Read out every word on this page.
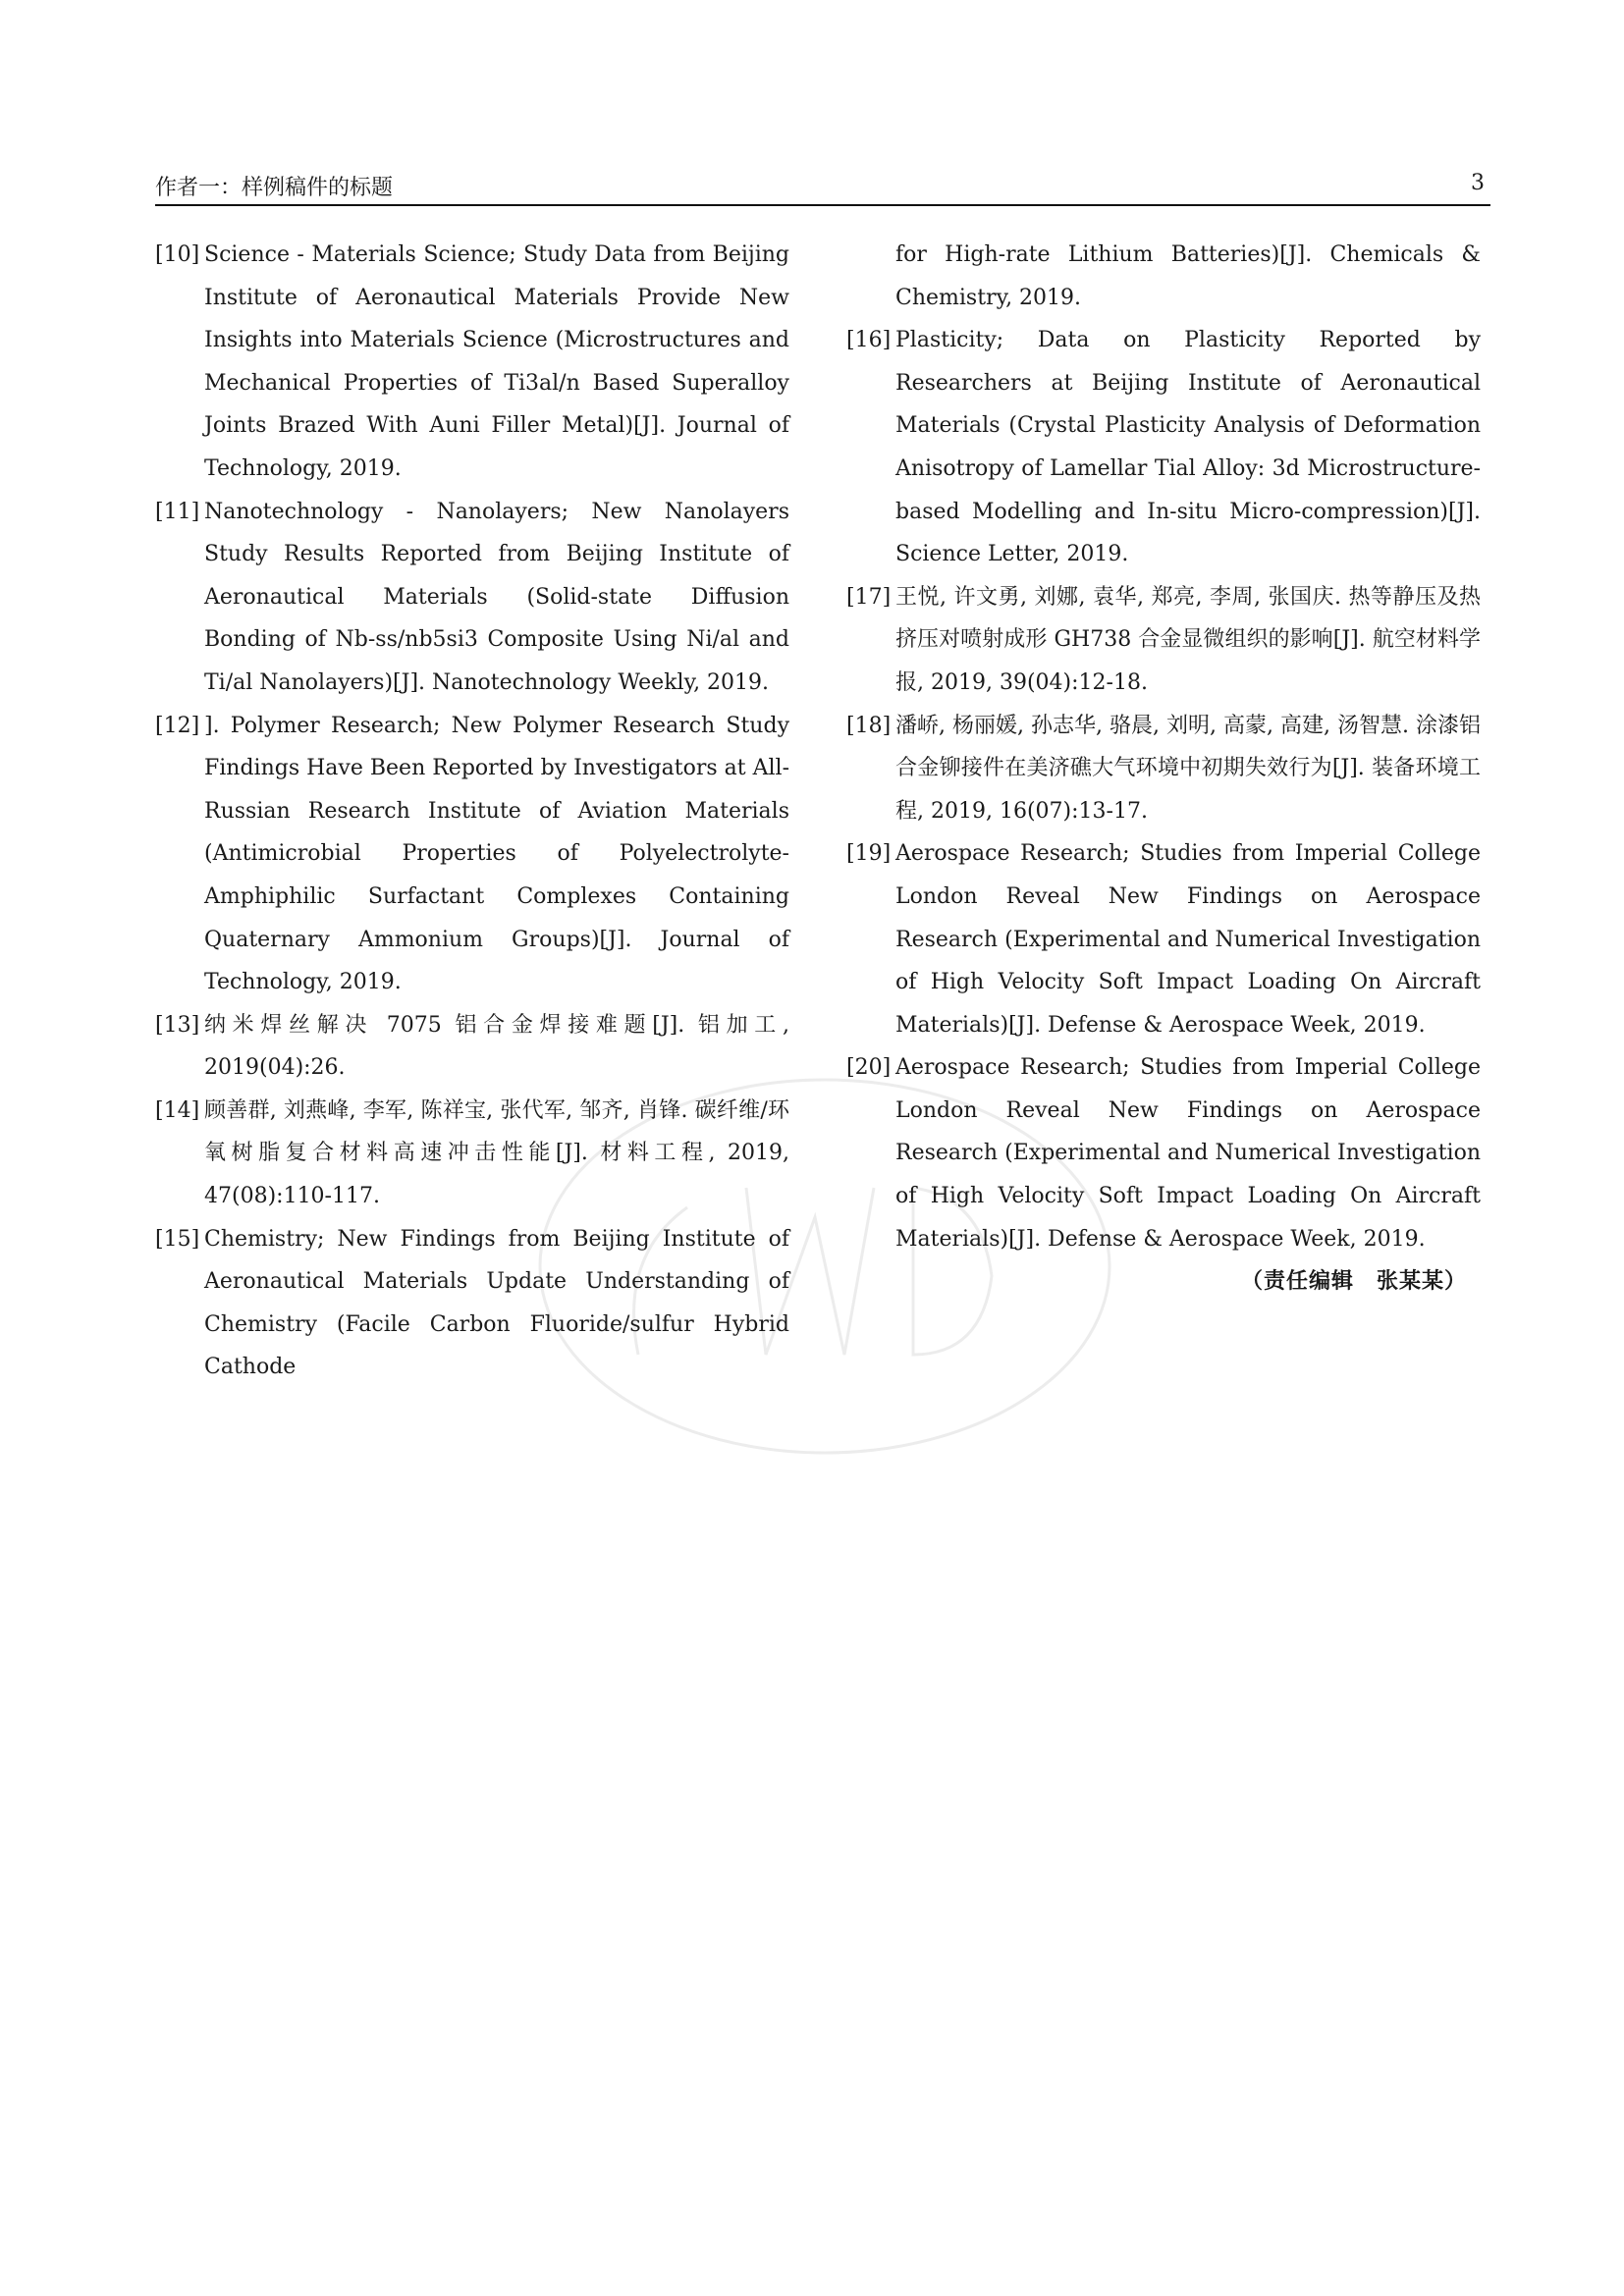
作者一：样例稿件的标题	3
[10] Science - Materials Science; Study Data from Beijing Institute of Aeronautical Materials Provide New Insights into Materials Science (Microstructures and Mechanical Properties of Ti3al/n Based Superalloy Joints Brazed With Auni Filler Metal)[J]. Journal of Technology, 2019.
[11] Nanotechnology - Nanolayers; New Nanolayers Study Results Reported from Beijing Institute of Aeronautical Materials (Solid-state Diffusion Bonding of Nb-ss/nb5si3 Composite Using Ni/al and Ti/al Nanolayers)[J]. Nanotechnology Weekly, 2019.
[12] ]. Polymer Research; New Polymer Research Study Findings Have Been Reported by Investigators at All-Russian Research Institute of Aviation Materials (Antimicrobial Properties of Polyelectrolyte-Amphiphilic Surfactant Complexes Containing Quaternary Ammonium Groups)[J]. Journal of Technology, 2019.
[13] 纳米焊丝解决 7075 铝合金焊接难题[J]. 铝加工, 2019(04):26.
[14] 顾善群, 刘燕峰, 李军, 陈祥宝, 张代军, 邹齐, 肖锋. 碳纤维/环氧树脂复合材料高速冲击性能[J]. 材料工程, 2019, 47(08):110-117.
[15] Chemistry; New Findings from Beijing Institute of Aeronautical Materials Update Understanding of Chemistry (Facile Carbon Fluoride/sulfur Hybrid Cathode
for High-rate Lithium Batteries)[J]. Chemicals & Chemistry, 2019.
[16] Plasticity; Data on Plasticity Reported by Researchers at Beijing Institute of Aeronautical Materials (Crystal Plasticity Analysis of Deformation Anisotropy of Lamellar Tial Alloy: 3d Microstructure-based Modelling and In-situ Micro-compression)[J]. Science Letter, 2019.
[17] 王悦, 许文勇, 刘娜, 袁华, 郑亮, 李周, 张国庆. 热等静压及热挤压对喷射成形 GH738 合金显微组织的影响[J]. 航空材料学报, 2019, 39(04):12-18.
[18] 潘峤, 杨丽媛, 孙志华, 骆晨, 刘明, 高蒙, 高建, 汤智慧. 涂漆铝合金铆接件在美济礁大气环境中初期失效行为[J]. 装备环境工程, 2019, 16(07):13-17.
[19] Aerospace Research; Studies from Imperial College London Reveal New Findings on Aerospace Research (Experimental and Numerical Investigation of High Velocity Soft Impact Loading On Aircraft Materials)[J]. Defense & Aerospace Week, 2019.
[20] Aerospace Research; Studies from Imperial College London Reveal New Findings on Aerospace Research (Experimental and Numerical Investigation of High Velocity Soft Impact Loading On Aircraft Materials)[J]. Defense & Aerospace Week, 2019.
（责任编辑　张某某）
